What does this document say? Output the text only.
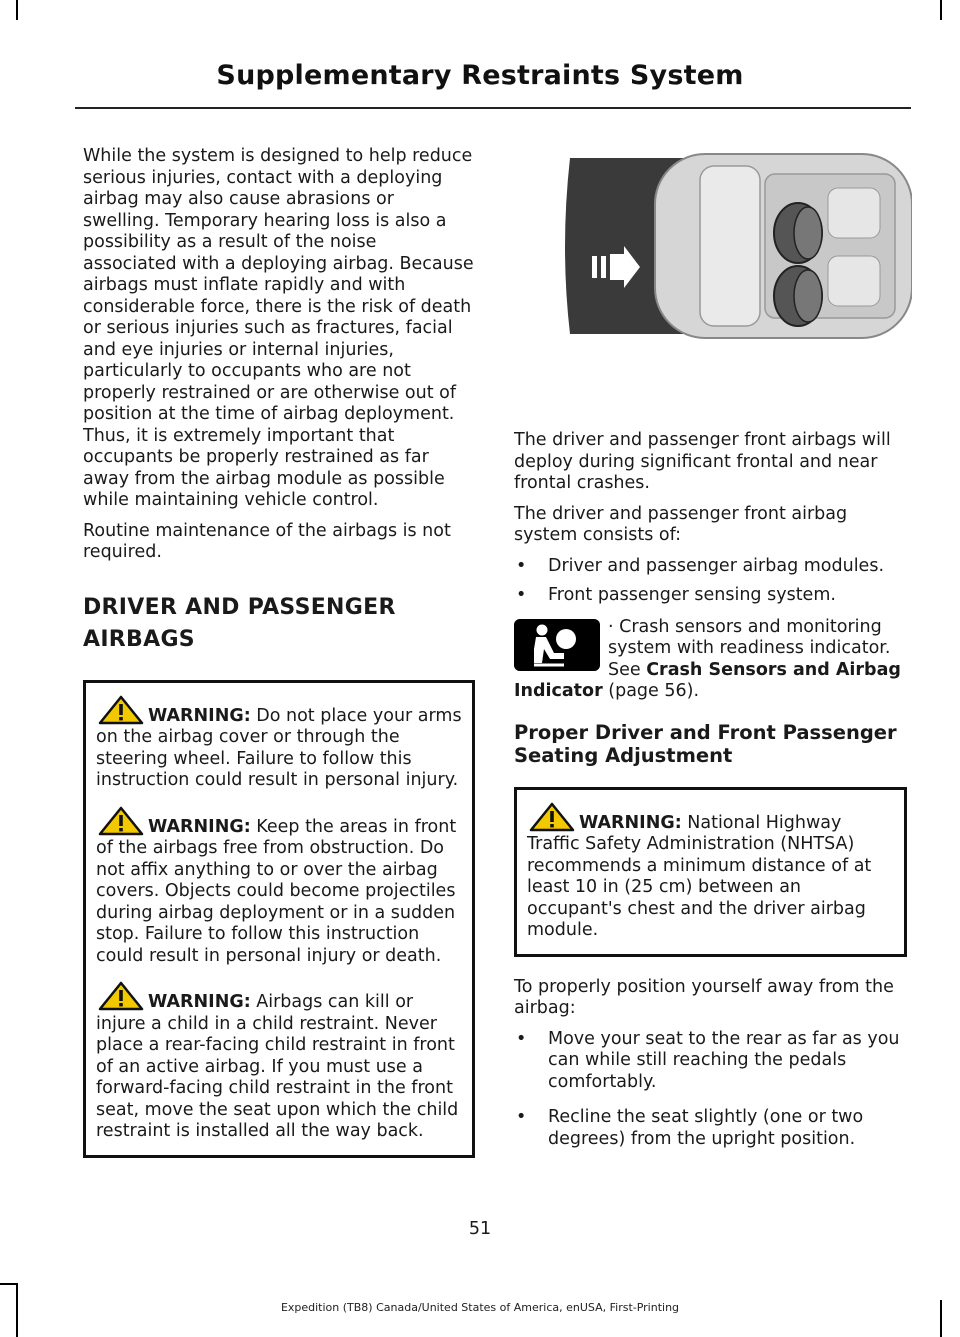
Supplementary Restraints System

While the system is designed to help reduce serious injuries, contact with a deploying airbag may also cause abrasions or swelling. Temporary hearing loss is also a possibility as a result of the noise associated with a deploying airbag. Because airbags must inflate rapidly and with considerable force, there is the risk of death or serious injuries such as fractures, facial and eye injuries or internal injuries, particularly to occupants who are not properly restrained or are otherwise out of position at the time of airbag deployment. Thus, it is extremely important that occupants be properly restrained as far away from the airbag module as possible while maintaining vehicle control.

Routine maintenance of the airbags is not required.

DRIVER AND PASSENGER
AIRBAGS

WARNING: Do not place your arms on the airbag cover or through the steering wheel. Failure to follow this instruction could result in personal injury.

WARNING: Keep the areas in front of the airbags free from obstruction. Do not affix anything to or over the airbag covers. Objects could become projectiles during airbag deployment or in a sudden stop. Failure to follow this instruction could result in personal injury or death.

WARNING: Airbags can kill or injure a child in a child restraint. Never place a rear-facing child restraint in front of an active airbag. If you must use a forward-facing child restraint in the front seat, move the seat upon which the child restraint is installed all the way back.

The driver and passenger front airbags will deploy during significant frontal and near frontal crashes.

The driver and passenger front airbag system consists of:

• Driver and passenger airbag modules.
• Front passenger sensing system.

· Crash sensors and monitoring system with readiness indicator. See Crash Sensors and Airbag Indicator (page 56).

Proper Driver and Front Passenger Seating Adjustment

WARNING: National Highway Traffic Safety Administration (NHTSA) recommends a minimum distance of at least 10 in (25 cm) between an occupant's chest and the driver airbag module.

To properly position yourself away from the airbag:

• Move your seat to the rear as far as you can while still reaching the pedals comfortably.
• Recline the seat slightly (one or two degrees) from the upright position.
51
Expedition (TB8) Canada/United States of America, enUSA, First-Printing
